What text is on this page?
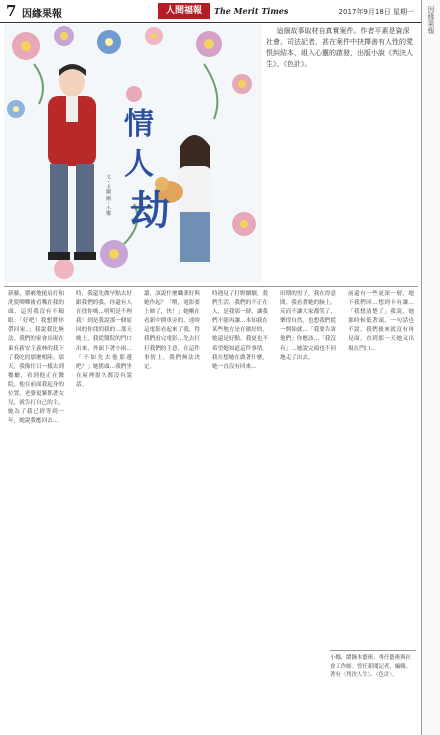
7 因緣果報	人間福報	The Merit Times	2017年9月18日 星期一 因緣果報
情
人
劫
文・卡關 圖・小娜
這個故事取材自真實案件。作者平素是資深社會、司法記者，甚在案件中抉擇善有人性的愛恨糾結本，組入心靈的啟發，出版小說《判決人生》、《色計》。
新藤，猥褻地搥肩打和洗髮唧唧後看嘴在我的頭，這男我沒有不順眼：「好吧！我想將你帶回家。」我說我比無法。我們的家會出現在東有新安主義林的我下了我吃的那麼相陸。那天，我像往日一樣去到餐廳，看到他正在醫院，他在前面我起身的位置。老婆更緊抓著女兒，就告打自己的主，她為了我已經等到一年，她說我應回去…
時，我還先做早點去好跟我們的我，你還有人在找你嗎…明明是不理我！到是我說那一個原因的你找的我的…那天晚上，我從醫院的門口出來，外面下著小雨…「不如先去他那邊吧？」她搖頭…我們坐在屋裡很久都沒有說話。
蕭，該說什麼職業好與她作起？「喂，電影要上映了，快！」她剛在看新中開車旁的，達時這電影看起來了我，得我們看完電影…先去打打我們的主意，在這件事情上，我們無法決定。
時遇見了打野續續，我們生活，我們的不正在人，是我那一群，讓我們不能再讓…本知我在某些地方是在做好的，她還是好點。我更也不希望她知道這件事情。我在想她在做著什麼，她一直沒有回來…
田期的男子，我在得意間，我看著她的臉上，反而不讓大家都笑了，樂得自然，也想我們從一開始就…「我要告訴他們」你應該…「我沒有」…她說完頭也不回地走了出去。
前還有一些更深一層，她下我們回…想到卡有讓…「我想清楚了」我說，她那時候低著頭，一句話也不說。我們後來就沒有再見面，直到那一天她又出現在門口…
小娜，鬧鐘本藝術，專任藝術與社會工作師。曾任新聞記者、編輯。著有〈判決人生〉、〈色計〉。
